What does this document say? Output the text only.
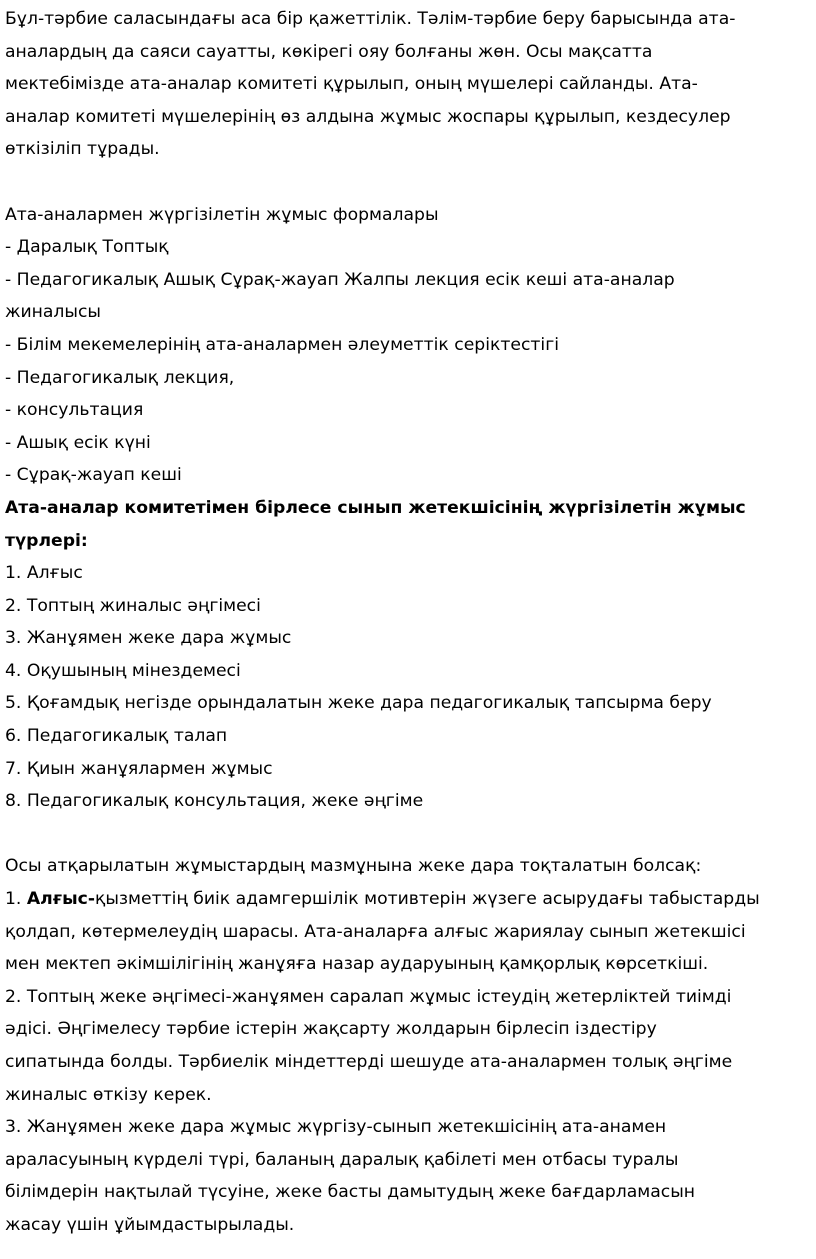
Бұл-тәрбие саласындағы аса бір қажеттілік. Тәлім-тәрбие беру барысында ата-
аналардың да саяси сауатты, көкірегі ояу болғаны жөн. Осы мақсатта
мектебімізде ата-аналар комитеті құрылып, оның мүшелері сайланды. Ата-
аналар комитеті мүшелерінің өз алдына жұмыс жоспары құрылып, кездесулер
өткізіліп тұрады.
Ата-аналармен жүргізілетін жұмыс формалары
- Даралық Топтық
- Педагогикалық Ашық Сұрақ-жауап Жалпы лекция есік кеші ата-аналар
жиналысы
- Білім мекемелерінің ата-аналармен әлеуметтік серіктестігі
- Педагогикалық лекция,
- консультация
- Ашық есік күні
- Сұрақ-жауап кеші
Ата-аналар комитетімен бірлесе сынып жетекшісінің жүргізілетін жұмыс
түрлері:
1. Алғыс
2. Топтың жиналыс әңгімесі
3. Жанұямен жеке дара жұмыс
4. Оқушының мінездемесі
5. Қоғамдық негізде орындалатын жеке дара педагогикалық тапсырма беру
6. Педагогикалық талап
7. Қиын жанұялармен жұмыс
8. Педагогикалық консультация, жеке әңгіме
Осы атқарылатын жұмыстардың мазмұнына жеке дара тоқталатын болсақ:
1. Алғыс-қызметтің биік адамгершілік мотивтерін жүзеге асырудағы табыстарды
қолдап, көтермелеудің шарасы. Ата-аналарға алғыс жариялау сынып жетекшісі
мен мектеп әкімшілігінің жанұяға назар аударуының қамқорлық көрсеткіші.
2. Топтың жеке әңгімесі-жанұямен саралап жұмыс істеудің жетерліктей тиімді
әдісі. Әңгімелесу тәрбие істерін жақсарту жолдарын бірлесіп іздестіру
сипатында болды. Тәрбиелік міндеттерді шешуде ата-аналармен толық әңгіме
жиналыс өткізу керек.
3. Жанұямен жеке дара жұмыс жүргізу-сынып жетекшісінің ата-анамен
араласуының күрделі түрі, баланың даралық қабілеті мен отбасы туралы
білімдерін нақтылай түсуіне, жеке басты дамытудың жеке бағдарламасын
жасау үшін ұйымдастырылады.
